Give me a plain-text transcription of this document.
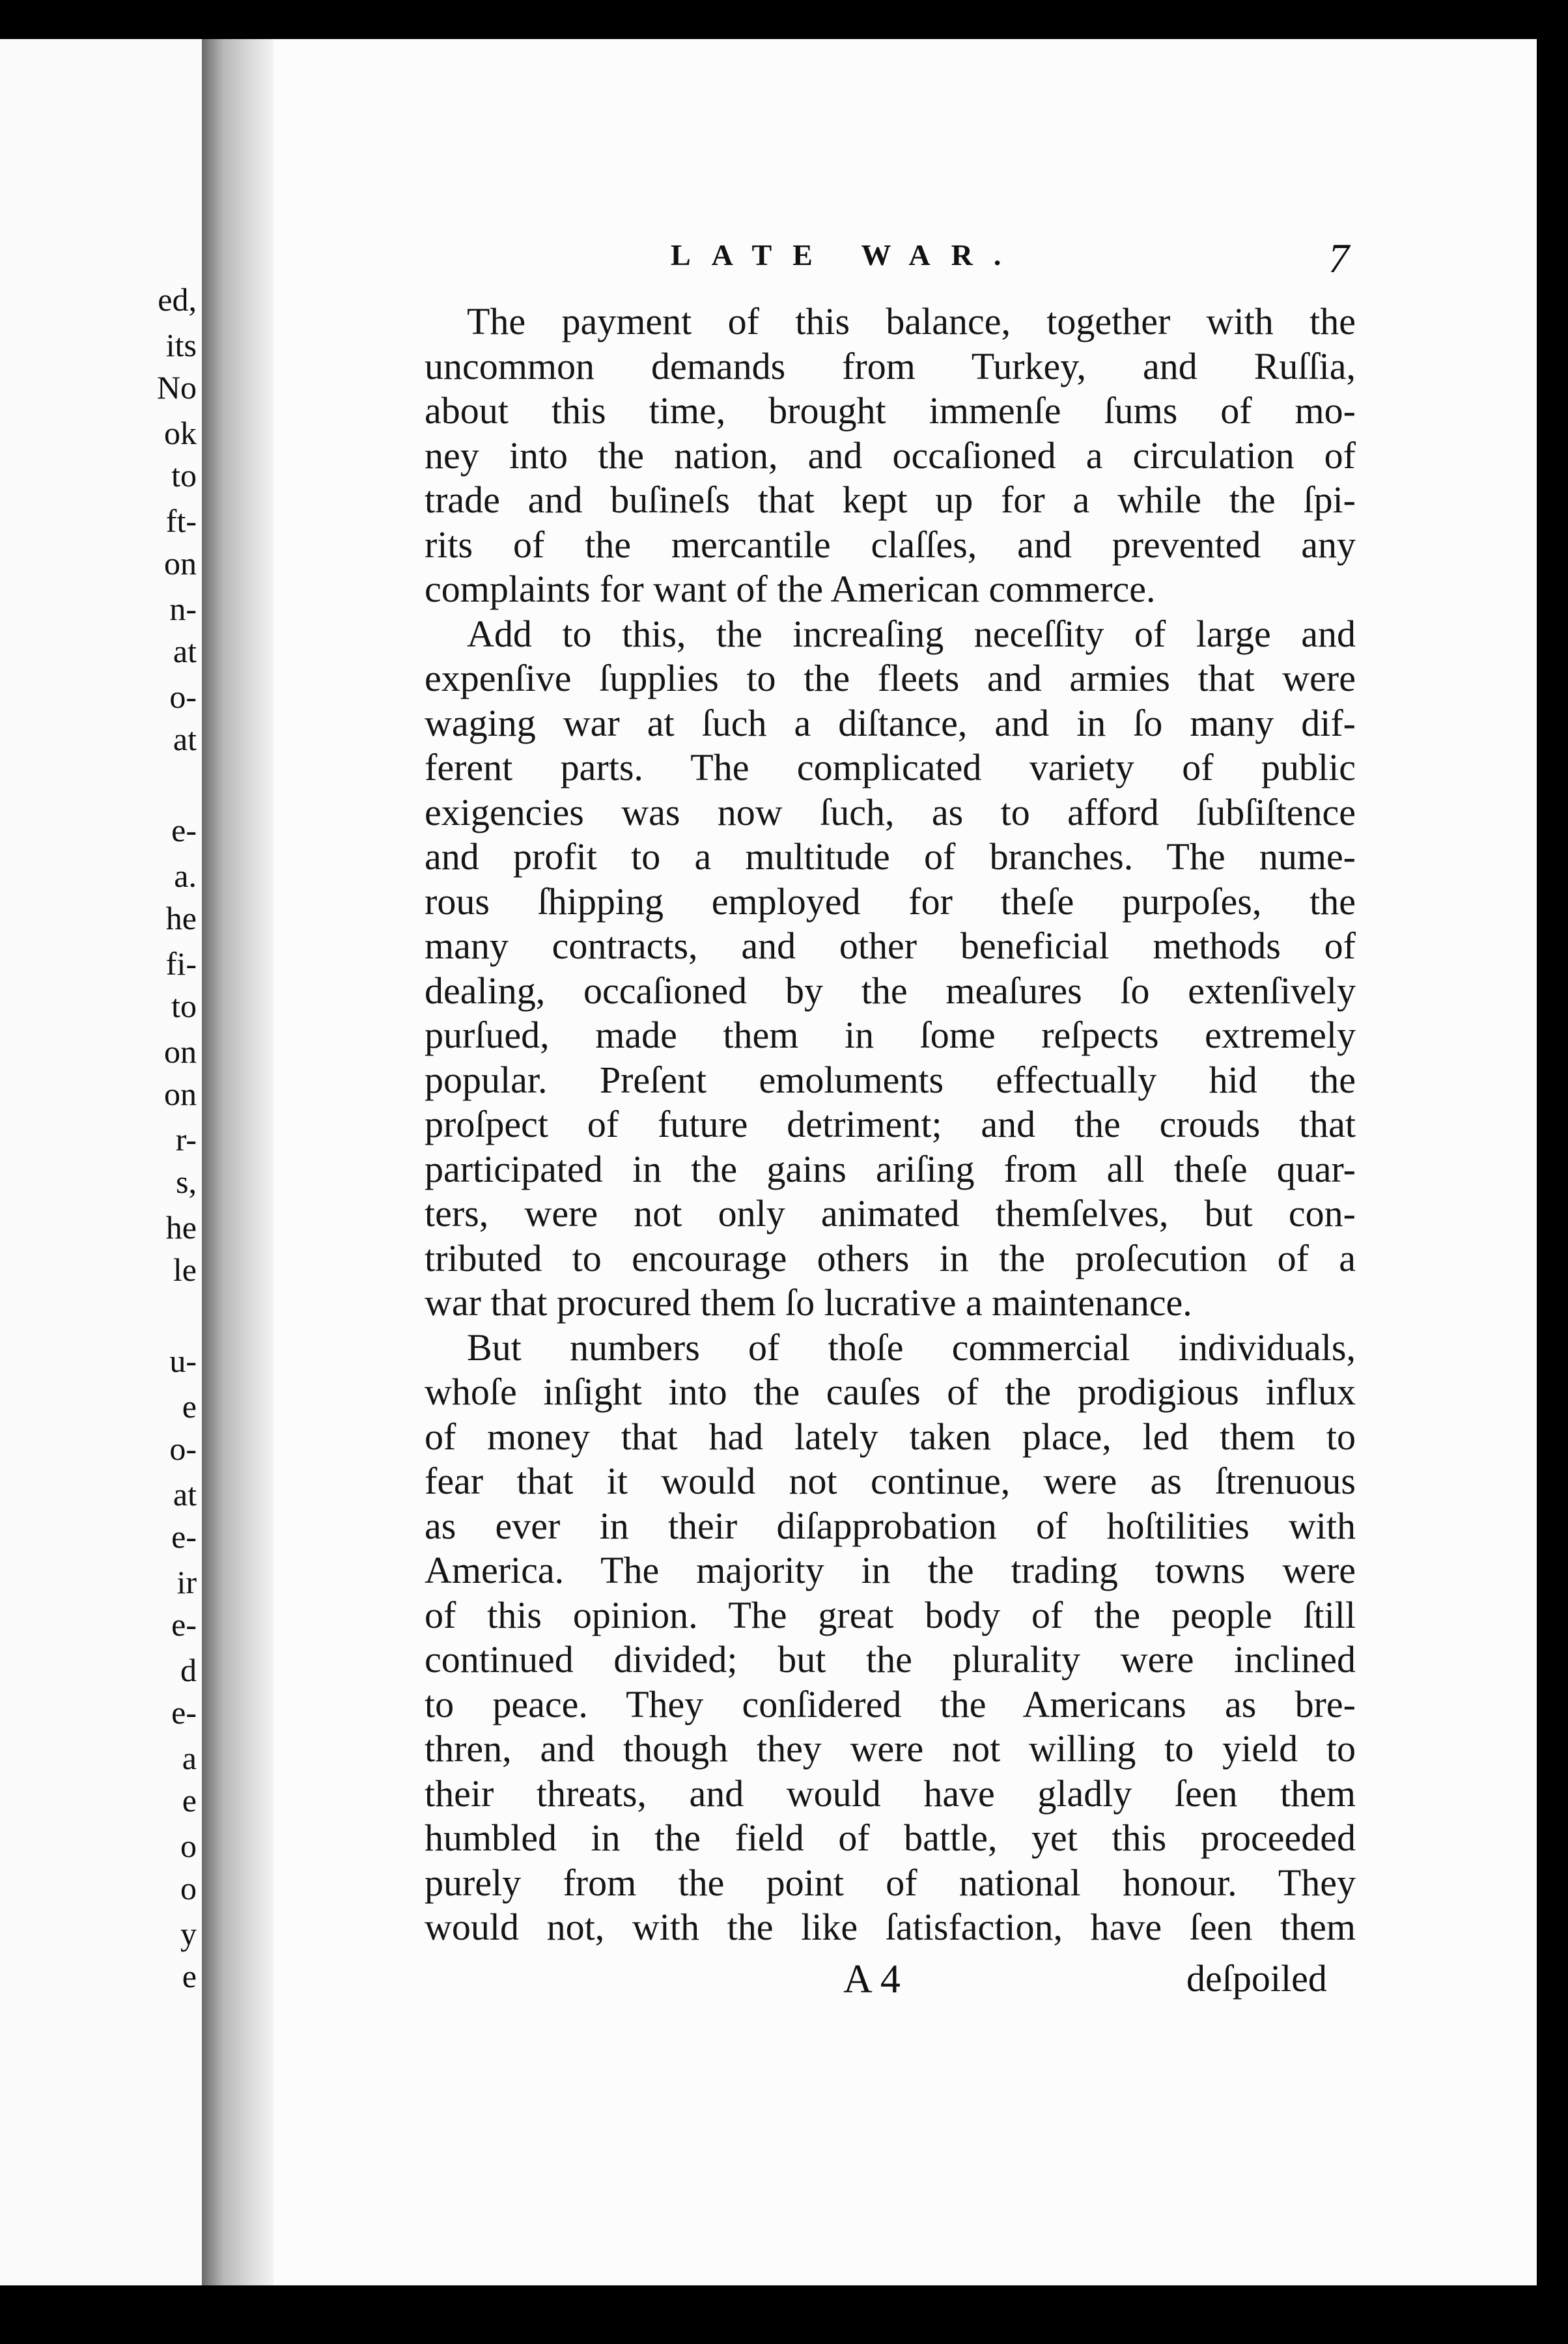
ed,
its
No
ok
to
ft-
on
n-
at
o-
at
e-
a.
he
fi-
to
on
on
r-
s,
he
le
u-
e
o-
at
e-
ir
e-
d
e-
a
e
o
o
y
e
LATE WAR.	7
The payment of this balance, together with the
uncommon demands from Turkey, and Ruſſia,
about this time, brought immenſe ſums of mo-
ney into the nation, and occaſioned a circulation of
trade and buſineſs that kept up for a while the ſpi-
rits of the mercantile claſſes, and prevented any
complaints for want of the American commerce.
Add to this, the increaſing neceſſity of large and
expenſive ſupplies to the fleets and armies that were
waging war at ſuch a diſtance, and in ſo many dif-
ferent parts. The complicated variety of public
exigencies was now ſuch, as to afford ſubſiſtence
and profit to a multitude of branches. The nume-
rous ſhipping employed for theſe purpoſes, the
many contracts, and other beneficial methods of
dealing, occaſioned by the meaſures ſo extenſively
purſued, made them in ſome reſpects extremely
popular. Preſent emoluments effectually hid the
proſpect of future detriment; and the crouds that
participated in the gains ariſing from all theſe quar-
ters, were not only animated themſelves, but con-
tributed to encourage others in the proſecution of a
war that procured them ſo lucrative a maintenance.
But numbers of thoſe commercial individuals,
whoſe inſight into the cauſes of the prodigious influx
of money that had lately taken place, led them to
fear that it would not continue, were as ſtrenuous
as ever in their diſapprobation of hoſtilities with
America. The majority in the trading towns were
of this opinion. The great body of the people ſtill
continued divided; but the plurality were inclined
to peace. They conſidered the Americans as bre-
thren, and though they were not willing to yield to
their threats, and would have gladly ſeen them
humbled in the field of battle, yet this proceeded
purely from the point of national honour. They
would not, with the like ſatisfaction, have ſeen them
A 4	deſpoiled
